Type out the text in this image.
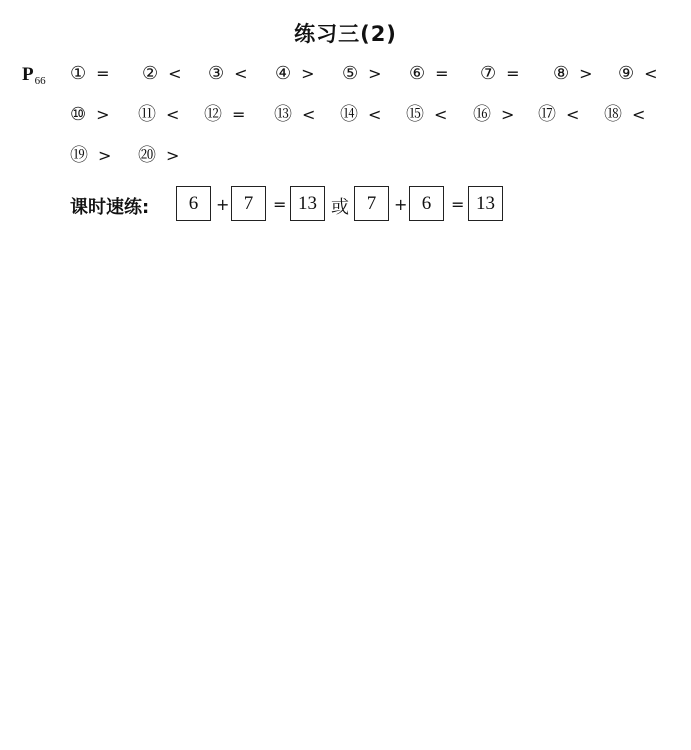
练习三(2)
$P_{66}$ ① = ② < ③ < ④ > ⑤ > ⑥ = ⑦ = ⑧ > ⑨ <
⑩ > ⑪ < ⑫ = ⑬ < ⑭ < ⑮ < ⑯ > ⑰ < ⑱ <
⑲ > ⑳ >
课时速练:	6	+ 7	= 13 或 7	+ 6	= 13
